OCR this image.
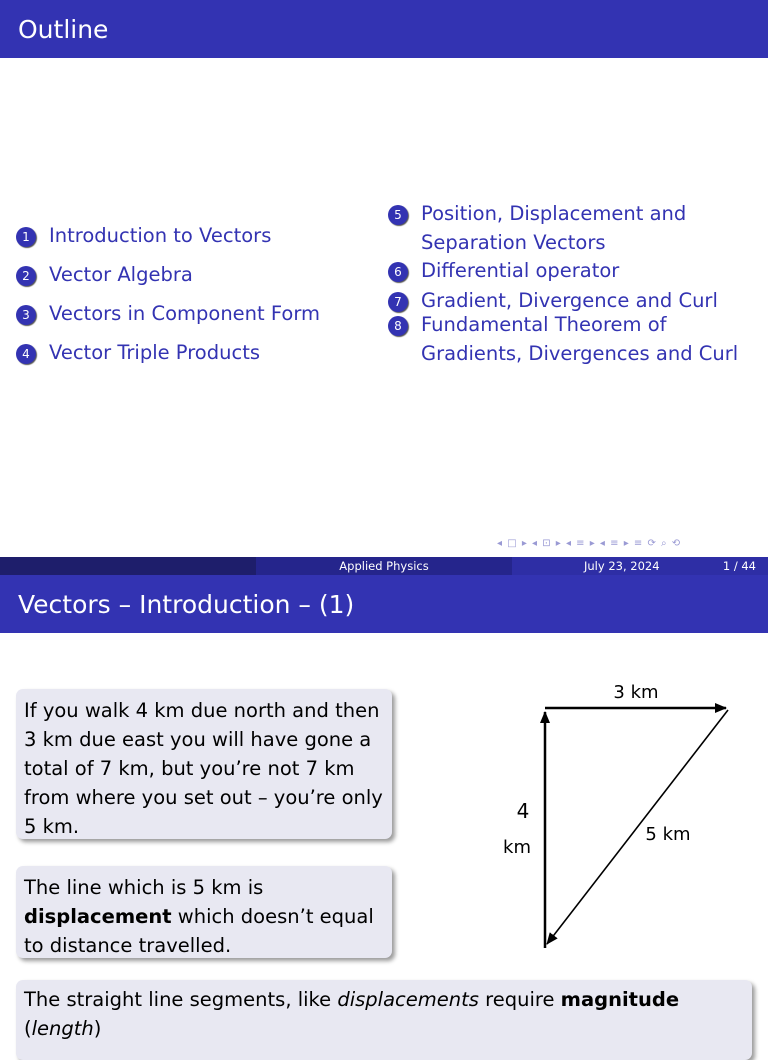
Outline
1 Introduction to Vectors
2 Vector Algebra
3 Vectors in Component Form
4 Vector Triple Products
5 Position, Displacement and
Separation Vectors
6 Differential operator
7 Gradient, Divergence and Curl
8 Fundamental Theorem of
Gradients, Divergences and Curl
◂ □ ▸ ◂ ⊡ ▸ ◂ ≡ ▸ ◂ ≡ ▸ ≡ ⟳ ⌕ ⟲
Applied Physics	July 23, 2024	1 / 44
Vectors – Introduction – (1)
If you walk 4 km due north and then
3 km due east you will have gone a
total of 7 km, but you’re not 7 km
from where you set out – you’re only
5 km.
The line which is 5 km is
displacement which doesn’t equal
to distance travelled.
The straight line segments, like displacements require magnitude (length)
3 km
4
km
5 km
